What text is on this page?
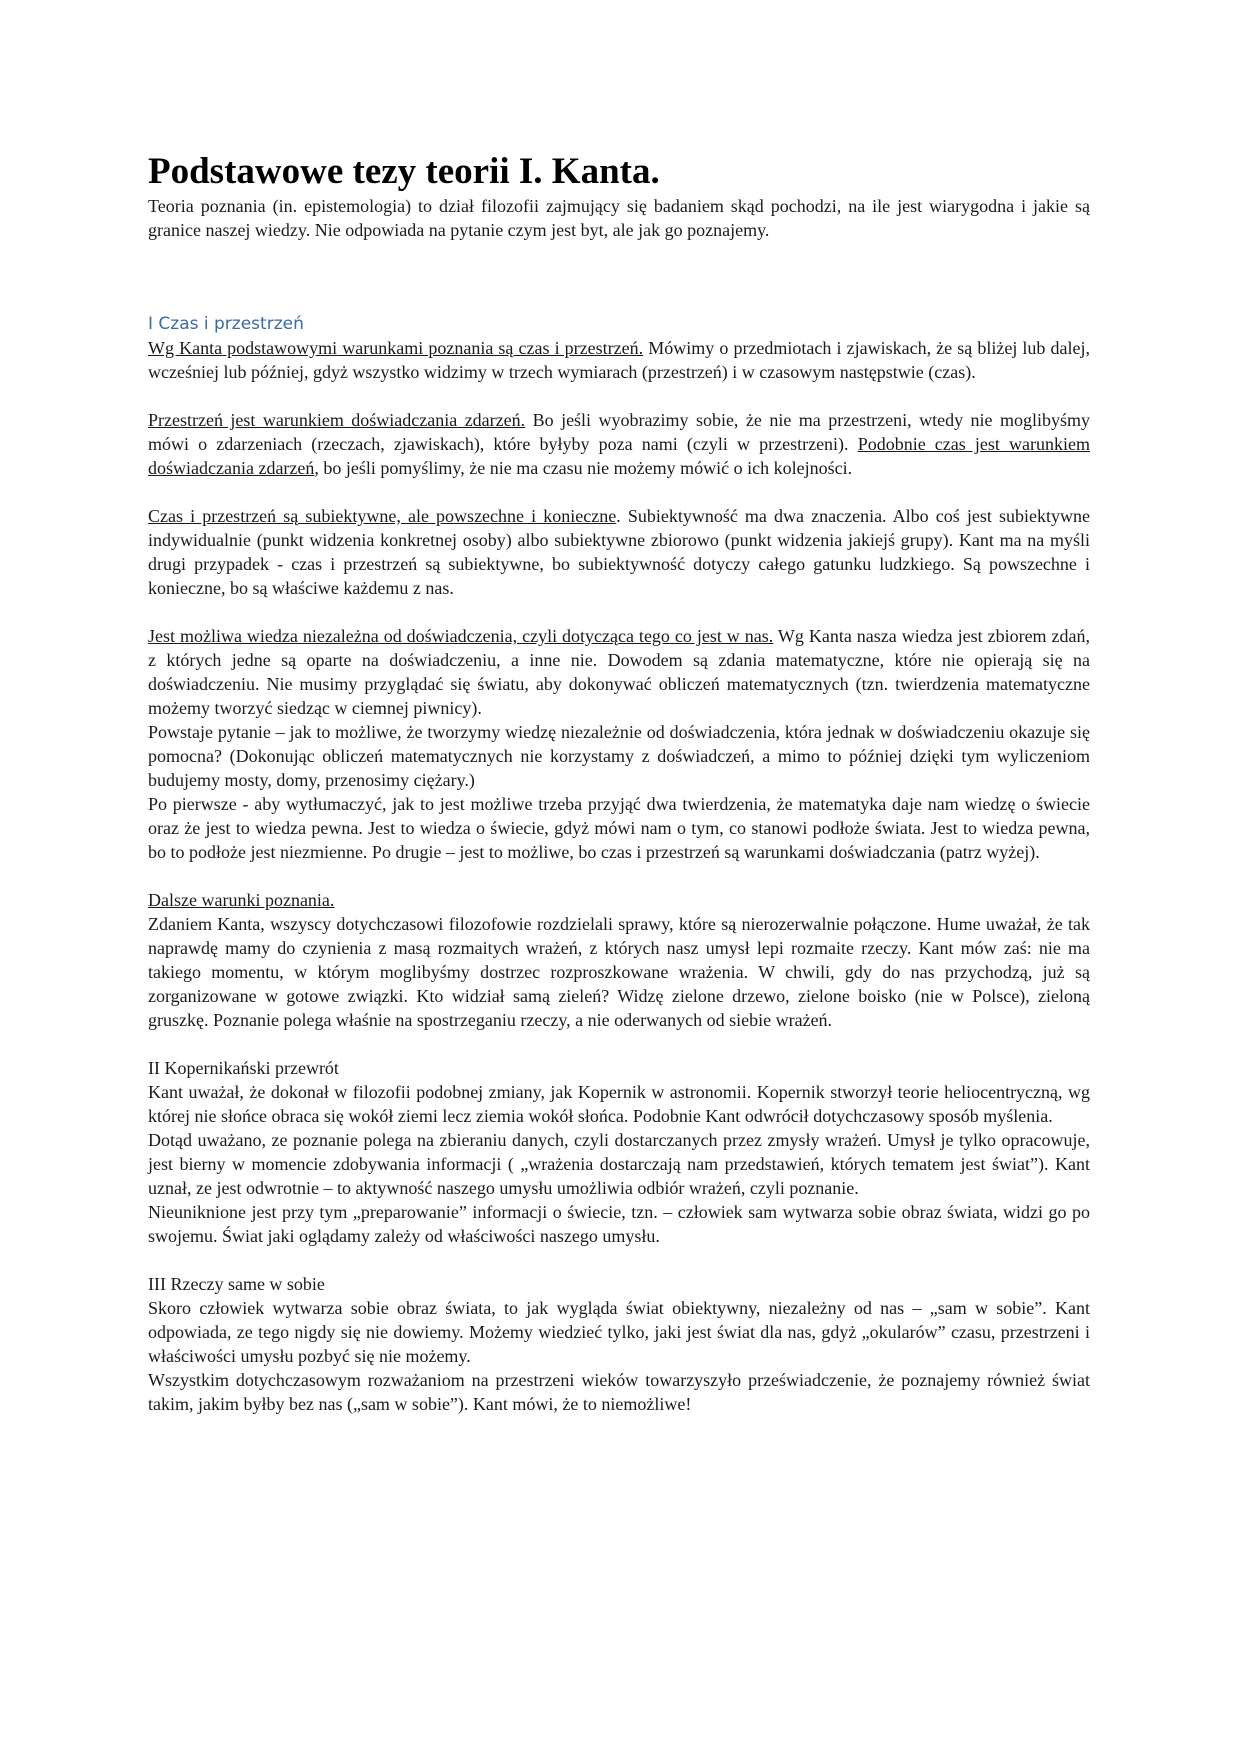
Podstawowe tezy teorii I. Kanta.

Teoria poznania (in. epistemologia) to dział filozofii zajmujący się badaniem skąd pochodzi, na ile jest wiarygodna i jakie są granice naszej wiedzy. Nie odpowiada na pytanie czym jest byt, ale jak go poznajemy.

I Czas i przestrzeń

Wg Kanta podstawowymi warunkami poznania są czas i przestrzeń. Mówimy o przedmiotach i zjawiskach, że są bliżej lub dalej, wcześniej lub później, gdyż wszystko widzimy w trzech wymiarach (przestrzeń) i w czasowym następstwie (czas).

Przestrzeń jest warunkiem doświadczania zdarzeń. Bo jeśli wyobrazimy sobie, że nie ma przestrzeni, wtedy nie moglibyśmy mówi o zdarzeniach (rzeczach, zjawiskach), które byłyby poza nami (czyli w przestrzeni). Podobnie czas jest warunkiem doświadczania zdarzeń, bo jeśli pomyślimy, że nie ma czasu nie możemy mówić o ich kolejności.

Czas i przestrzeń są subiektywne, ale powszechne i konieczne. Subiektywność ma dwa znaczenia. Albo coś jest subiektywne indywidualnie (punkt widzenia konkretnej osoby) albo subiektywne zbiorowo (punkt widzenia jakiejś grupy). Kant ma na myśli drugi przypadek - czas i przestrzeń są subiektywne, bo subiektywność dotyczy całego gatunku ludzkiego. Są powszechne i konieczne, bo są właściwe każdemu z nas.

Jest możliwa wiedza niezależna od doświadczenia, czyli dotycząca tego co jest w nas. Wg Kanta nasza wiedza jest zbiorem zdań, z których jedne są oparte na doświadczeniu, a inne nie. Dowodem są zdania matematyczne, które nie opierają się na doświadczeniu. Nie musimy przyglądać się światu, aby dokonywać obliczeń matematycznych (tzn. twierdzenia matematyczne możemy tworzyć siedząc w ciemnej piwnicy).

Powstaje pytanie – jak to możliwe, że tworzymy wiedzę niezależnie od doświadczenia, która jednak w doświadczeniu okazuje się pomocna? (Dokonując obliczeń matematycznych nie korzystamy z doświadczeń, a mimo to później dzięki tym wyliczeniom budujemy mosty, domy, przenosimy ciężary.)

Po pierwsze - aby wytłumaczyć, jak to jest możliwe trzeba przyjąć dwa twierdzenia, że matematyka daje nam wiedzę o świecie oraz że jest to wiedza pewna. Jest to wiedza o świecie, gdyż mówi nam o tym, co stanowi podłoże świata. Jest to wiedza pewna, bo to podłoże jest niezmienne. Po drugie – jest to możliwe, bo czas i przestrzeń są warunkami doświadczania (patrz wyżej).

Dalsze warunki poznania.

Zdaniem Kanta, wszyscy dotychczasowi filozofowie rozdzielali sprawy, które są nierozerwalnie połączone. Hume uważał, że tak naprawdę mamy do czynienia z masą rozmaitych wrażeń, z których nasz umysł lepi rozmaite rzeczy. Kant mów zaś: nie ma takiego momentu, w którym moglibyśmy dostrzec rozproszkowane wrażenia. W chwili, gdy do nas przychodzą, już są zorganizowane w gotowe związki. Kto widział samą zieleń? Widzę zielone drzewo, zielone boisko (nie w Polsce), zieloną gruszkę. Poznanie polega właśnie na spostrzeganiu rzeczy, a nie oderwanych od siebie wrażeń.

II Kopernikański przewrót

Kant uważał, że dokonał w filozofii podobnej zmiany, jak Kopernik w astronomii. Kopernik stworzył teorie heliocentryczną, wg której nie słońce obraca się wokół ziemi lecz ziemia wokół słońca. Podobnie Kant odwrócił dotychczasowy sposób myślenia.

Dotąd uważano, ze poznanie polega na zbieraniu danych, czyli dostarczanych przez zmysły wrażeń. Umysł je tylko opracowuje, jest bierny w momencie zdobywania informacji ( „wrażenia dostarczają nam przedstawień, których tematem jest świat”). Kant uznał, ze jest odwrotnie – to aktywność naszego umysłu umożliwia odbiór wrażeń, czyli poznanie.

Nieuniknione jest przy tym „preparowanie” informacji o świecie, tzn. – człowiek sam wytwarza sobie obraz świata, widzi go po swojemu. Świat jaki oglądamy zależy od właściwości naszego umysłu.

III Rzeczy same w sobie

Skoro człowiek wytwarza sobie obraz świata, to jak wygląda świat obiektywny, niezależny od nas – „sam w sobie”. Kant odpowiada, ze tego nigdy się nie dowiemy. Możemy wiedzieć tylko, jaki jest świat dla nas, gdyż „okularów” czasu, przestrzeni i właściwości umysłu pozbyć się nie możemy.

Wszystkim dotychczasowym rozważaniom na przestrzeni wieków towarzyszyło przeświadczenie, że poznajemy również świat takim, jakim byłby bez nas („sam w sobie”). Kant mówi, że to niemożliwe!
